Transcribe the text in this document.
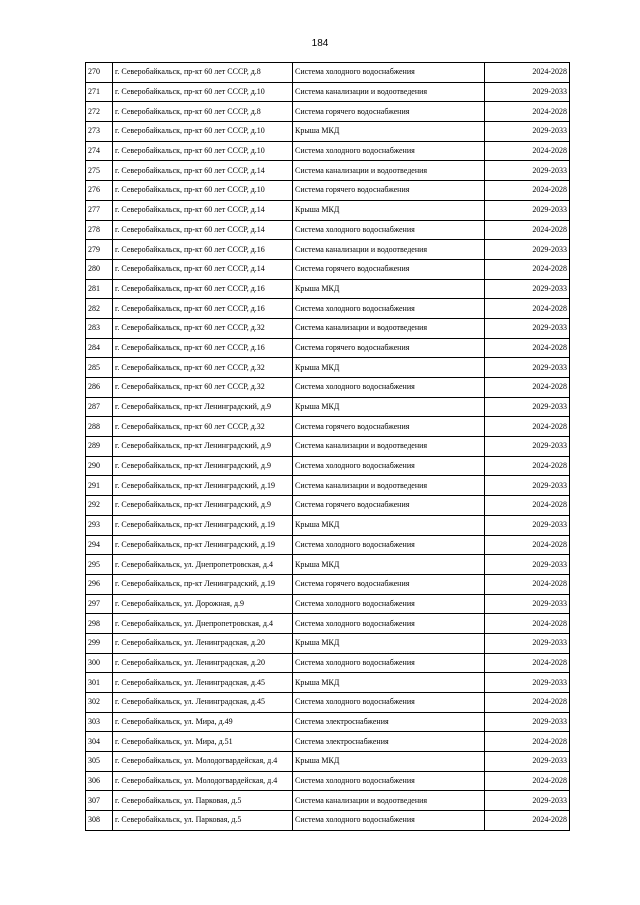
184
270	г. Северобайкальск, пр-кт 60 лет СССР, д.8	Система холодного водоснабжения	2024-2028
271	г. Северобайкальск, пр-кт 60 лет СССР, д.10	Система канализации и водоотведения	2029-2033
272	г. Северобайкальск, пр-кт 60 лет СССР, д.8	Система горячего водоснабжения	2024-2028
273	г. Северобайкальск, пр-кт 60 лет СССР, д.10	Крыша МКД	2029-2033
274	г. Северобайкальск, пр-кт 60 лет СССР, д.10	Система холодного водоснабжения	2024-2028
275	г. Северобайкальск, пр-кт 60 лет СССР, д.14	Система канализации и водоотведения	2029-2033
276	г. Северобайкальск, пр-кт 60 лет СССР, д.10	Система горячего водоснабжения	2024-2028
277	г. Северобайкальск, пр-кт 60 лет СССР, д.14	Крыша МКД	2029-2033
278	г. Северобайкальск, пр-кт 60 лет СССР, д.14	Система холодного водоснабжения	2024-2028
279	г. Северобайкальск, пр-кт 60 лет СССР, д.16	Система канализации и водоотведения	2029-2033
280	г. Северобайкальск, пр-кт 60 лет СССР, д.14	Система горячего водоснабжения	2024-2028
281	г. Северобайкальск, пр-кт 60 лет СССР, д.16	Крыша МКД	2029-2033
282	г. Северобайкальск, пр-кт 60 лет СССР, д.16	Система холодного водоснабжения	2024-2028
283	г. Северобайкальск, пр-кт 60 лет СССР, д.32	Система канализации и водоотведения	2029-2033
284	г. Северобайкальск, пр-кт 60 лет СССР, д.16	Система горячего водоснабжения	2024-2028
285	г. Северобайкальск, пр-кт 60 лет СССР, д.32	Крыша МКД	2029-2033
286	г. Северобайкальск, пр-кт 60 лет СССР, д.32	Система холодного водоснабжения	2024-2028
287	г. Северобайкальск, пр-кт Ленинградский, д.9	Крыша МКД	2029-2033
288	г. Северобайкальск, пр-кт 60 лет СССР, д.32	Система горячего водоснабжения	2024-2028
289	г. Северобайкальск, пр-кт Ленинградский, д.9	Система канализации и водоотведения	2029-2033
290	г. Северобайкальск, пр-кт Ленинградский, д.9	Система холодного водоснабжения	2024-2028
291	г. Северобайкальск, пр-кт Ленинградский, д.19	Система канализации и водоотведения	2029-2033
292	г. Северобайкальск, пр-кт Ленинградский, д.9	Система горячего водоснабжения	2024-2028
293	г. Северобайкальск, пр-кт Ленинградский, д.19	Крыша МКД	2029-2033
294	г. Северобайкальск, пр-кт Ленинградский, д.19	Система холодного водоснабжения	2024-2028
295	г. Северобайкальск, ул. Днепропетровская, д.4	Крыша МКД	2029-2033
296	г. Северобайкальск, пр-кт Ленинградский, д.19	Система горячего водоснабжения	2024-2028
297	г. Северобайкальск, ул. Дорожная, д.9	Система холодного водоснабжения	2029-2033
298	г. Северобайкальск, ул. Днепропетровская, д.4	Система холодного водоснабжения	2024-2028
299	г. Северобайкальск, ул. Ленинградская, д.20	Крыша МКД	2029-2033
300	г. Северобайкальск, ул. Ленинградская, д.20	Система холодного водоснабжения	2024-2028
301	г. Северобайкальск, ул. Ленинградская, д.45	Крыша МКД	2029-2033
302	г. Северобайкальск, ул. Ленинградская, д.45	Система холодного водоснабжения	2024-2028
303	г. Северобайкальск, ул. Мира, д.49	Система электроснабжения	2029-2033
304	г. Северобайкальск, ул. Мира, д.51	Система электроснабжения	2024-2028
305	г. Северобайкальск, ул. Молодогвардейская, д.4	Крыша МКД	2029-2033
306	г. Северобайкальск, ул. Молодогвардейская, д.4	Система холодного водоснабжения	2024-2028
307	г. Северобайкальск, ул. Парковая, д.5	Система канализации и водоотведения	2029-2033
308	г. Северобайкальск, ул. Парковая, д.5	Система холодного водоснабжения	2024-2028
